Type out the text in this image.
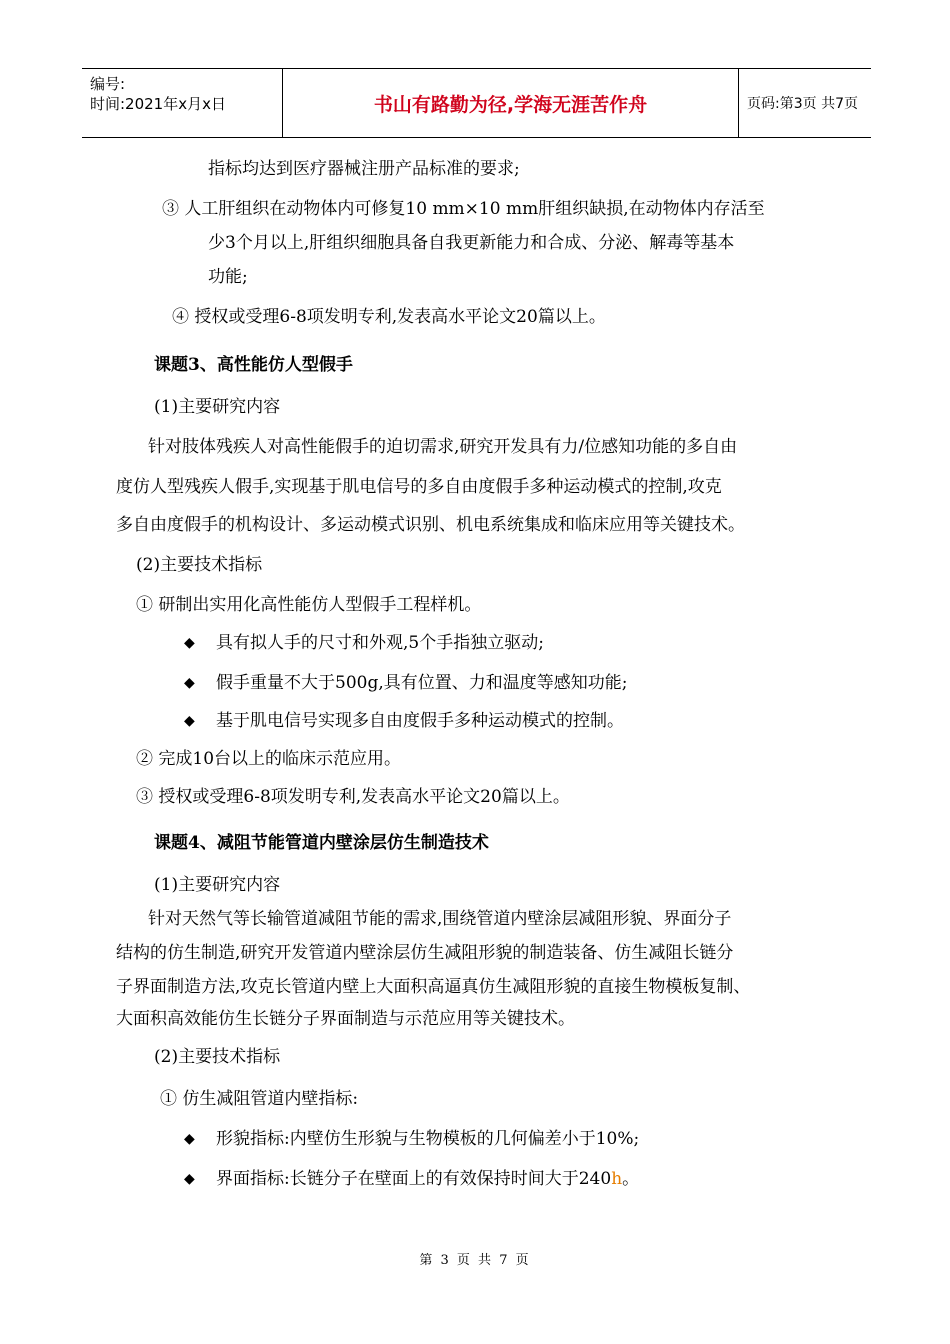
编号:
时间:2021年x月x日	书山有路勤为径,学海无涯苦作舟	页码:第3页 共7页
指标均达到医疗器械注册产品标准的要求;
③ 人工肝组织在动物体内可修复10 mm×10 mm肝组织缺损,在动物体内存活至
少3个月以上,肝组织细胞具备自我更新能力和合成、分泌、解毒等基本
功能;
④ 授权或受理6-8项发明专利,发表高水平论文20篇以上。
课题3、高性能仿人型假手
(1)主要研究内容
针对肢体残疾人对高性能假手的迫切需求,研究开发具有力/位感知功能的多自由
度仿人型残疾人假手,实现基于肌电信号的多自由度假手多种运动模式的控制,攻克
多自由度假手的机构设计、多运动模式识别、机电系统集成和临床应用等关键技术。
(2)主要技术指标
① 研制出实用化高性能仿人型假手工程样机。
◆ 具有拟人手的尺寸和外观,5个手指独立驱动;
◆ 假手重量不大于500g,具有位置、力和温度等感知功能;
◆ 基于肌电信号实现多自由度假手多种运动模式的控制。
② 完成10台以上的临床示范应用。
③ 授权或受理6-8项发明专利,发表高水平论文20篇以上。
课题4、减阻节能管道内壁涂层仿生制造技术
(1)主要研究内容
针对天然气等长输管道减阻节能的需求,围绕管道内壁涂层减阻形貌、界面分子
结构的仿生制造,研究开发管道内壁涂层仿生减阻形貌的制造装备、仿生减阻长链分
子界面制造方法,攻克长管道内壁上大面积高逼真仿生减阻形貌的直接生物模板复制、
大面积高效能仿生长链分子界面制造与示范应用等关键技术。
(2)主要技术指标
① 仿生减阻管道内壁指标:
◆ 形貌指标:内壁仿生形貌与生物模板的几何偏差小于10%;
◆ 界面指标:长链分子在壁面上的有效保持时间大于240h。
第 3 页 共 7 页
